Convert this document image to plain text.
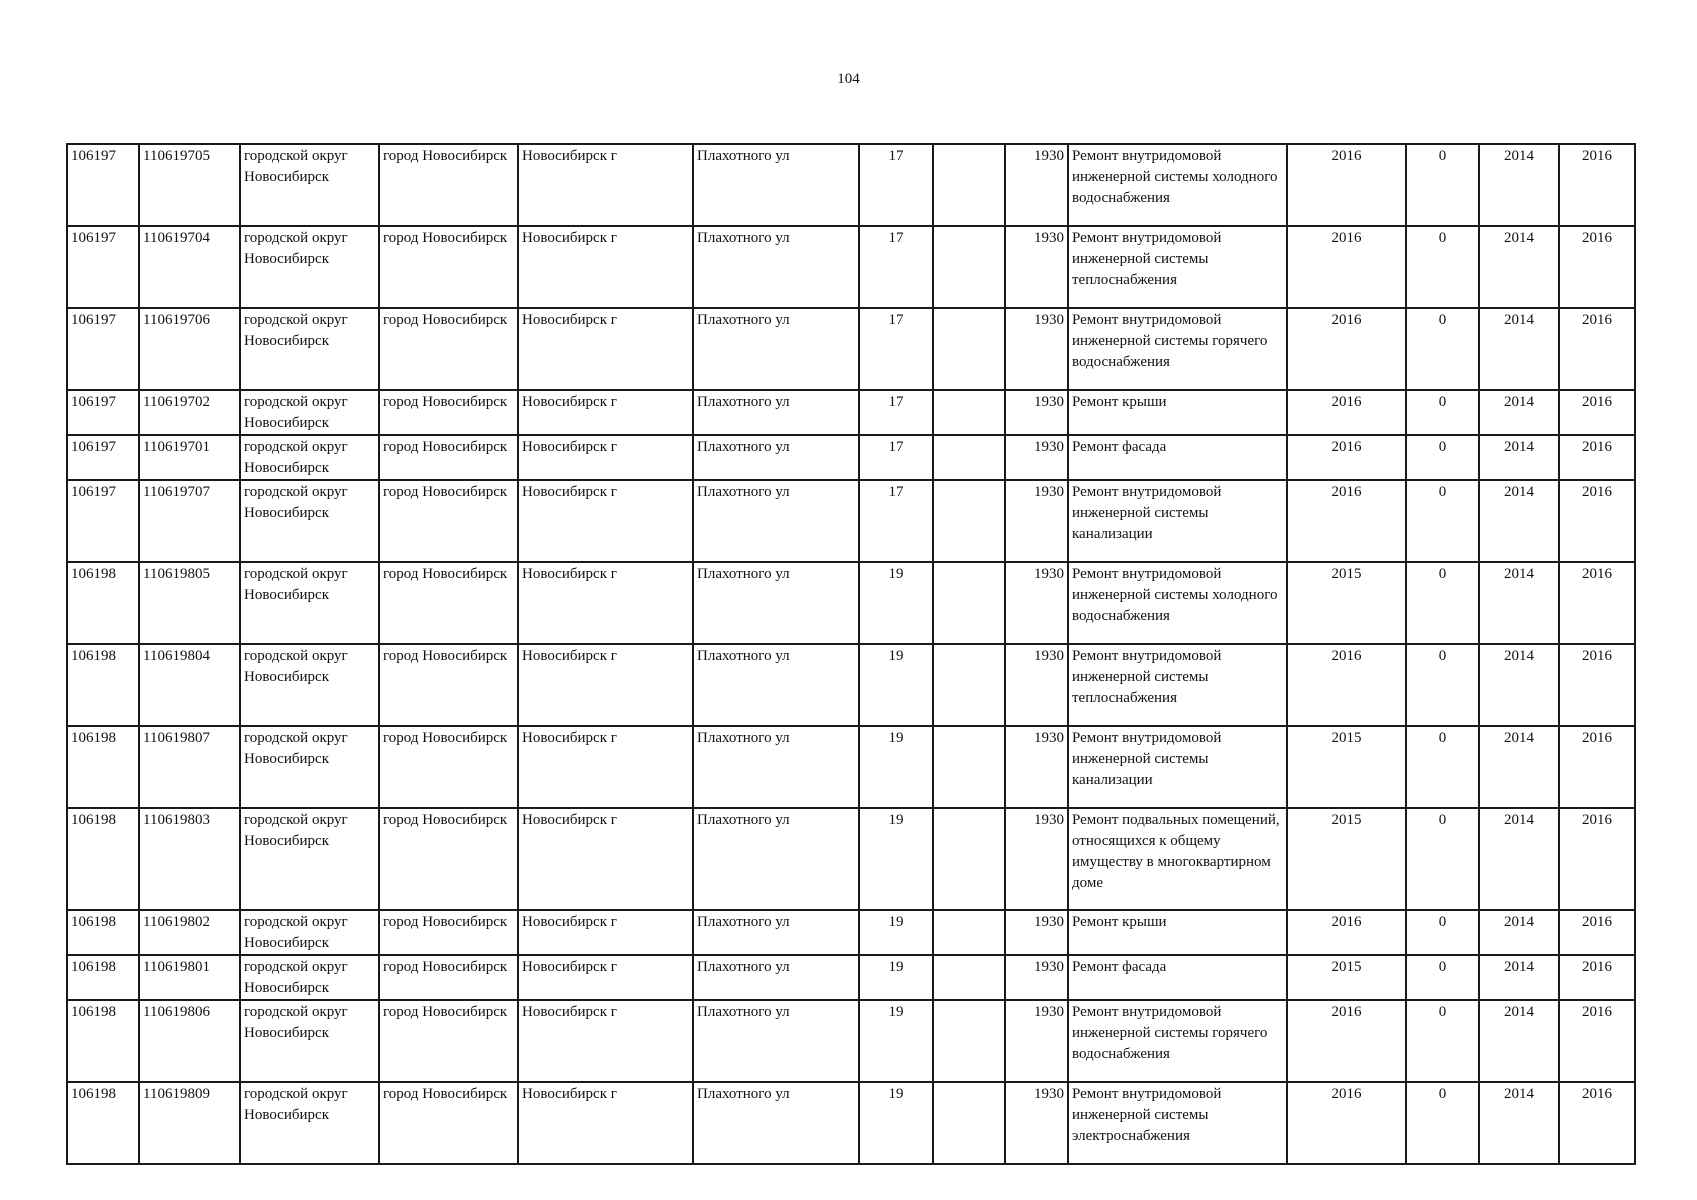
104
106197	110619705	городской округ Новосибирск	город Новосибирск	Новосибирск г	Плахотного ул	17		1930	Ремонт внутридомовой инженерной системы холодного водоснабжения	2016	0	2014	2016
106197	110619704	городской округ Новосибирск	город Новосибирск	Новосибирск г	Плахотного ул	17		1930	Ремонт внутридомовой инженерной системы теплоснабжения	2016	0	2014	2016
106197	110619706	городской округ Новосибирск	город Новосибирск	Новосибирск г	Плахотного ул	17		1930	Ремонт внутридомовой инженерной системы горячего водоснабжения	2016	0	2014	2016
106197	110619702	городской округ Новосибирск	город Новосибирск	Новосибирск г	Плахотного ул	17		1930	Ремонт крыши	2016	0	2014	2016
106197	110619701	городской округ Новосибирск	город Новосибирск	Новосибирск г	Плахотного ул	17		1930	Ремонт фасада	2016	0	2014	2016
106197	110619707	городской округ Новосибирск	город Новосибирск	Новосибирск г	Плахотного ул	17		1930	Ремонт внутридомовой инженерной системы канализации	2016	0	2014	2016
106198	110619805	городской округ Новосибирск	город Новосибирск	Новосибирск г	Плахотного ул	19		1930	Ремонт внутридомовой инженерной системы холодного водоснабжения	2015	0	2014	2016
106198	110619804	городской округ Новосибирск	город Новосибирск	Новосибирск г	Плахотного ул	19		1930	Ремонт внутридомовой инженерной системы теплоснабжения	2016	0	2014	2016
106198	110619807	городской округ Новосибирск	город Новосибирск	Новосибирск г	Плахотного ул	19		1930	Ремонт внутридомовой инженерной системы канализации	2015	0	2014	2016
106198	110619803	городской округ Новосибирск	город Новосибирск	Новосибирск г	Плахотного ул	19		1930	Ремонт подвальных помещений, относящихся к общему имуществу в многоквартирном доме	2015	0	2014	2016
106198	110619802	городской округ Новосибирск	город Новосибирск	Новосибирск г	Плахотного ул	19		1930	Ремонт крыши	2016	0	2014	2016
106198	110619801	городской округ Новосибирск	город Новосибирск	Новосибирск г	Плахотного ул	19		1930	Ремонт фасада	2015	0	2014	2016
106198	110619806	городской округ Новосибирск	город Новосибирск	Новосибирск г	Плахотного ул	19		1930	Ремонт внутридомовой инженерной системы горячего водоснабжения	2016	0	2014	2016
106198	110619809	городской округ Новосибирск	город Новосибирск	Новосибирск г	Плахотного ул	19		1930	Ремонт внутридомовой инженерной системы электроснабжения	2016	0	2014	2016
